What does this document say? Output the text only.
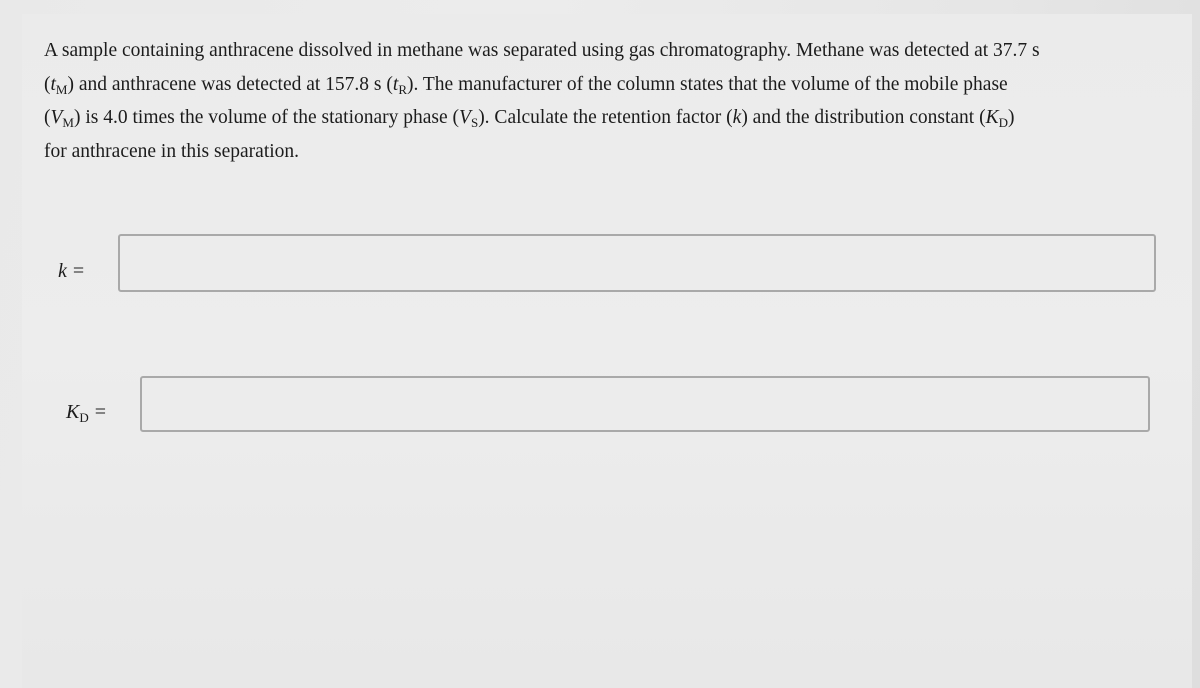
A sample containing anthracene dissolved in methane was separated using gas chromatography. Methane was detected at 37.7 s
$(t_M)$ and anthracene was detected at 157.8 s $(t_R)$. The manufacturer of the column states that the volume of the mobile phase
$(V_M)$ is 4.0 times the volume of the stationary phase $(V_S)$. Calculate the retention factor (k) and the distribution constant $(K_D)$
for anthracene in this separation.

k =
$K_D$ =
